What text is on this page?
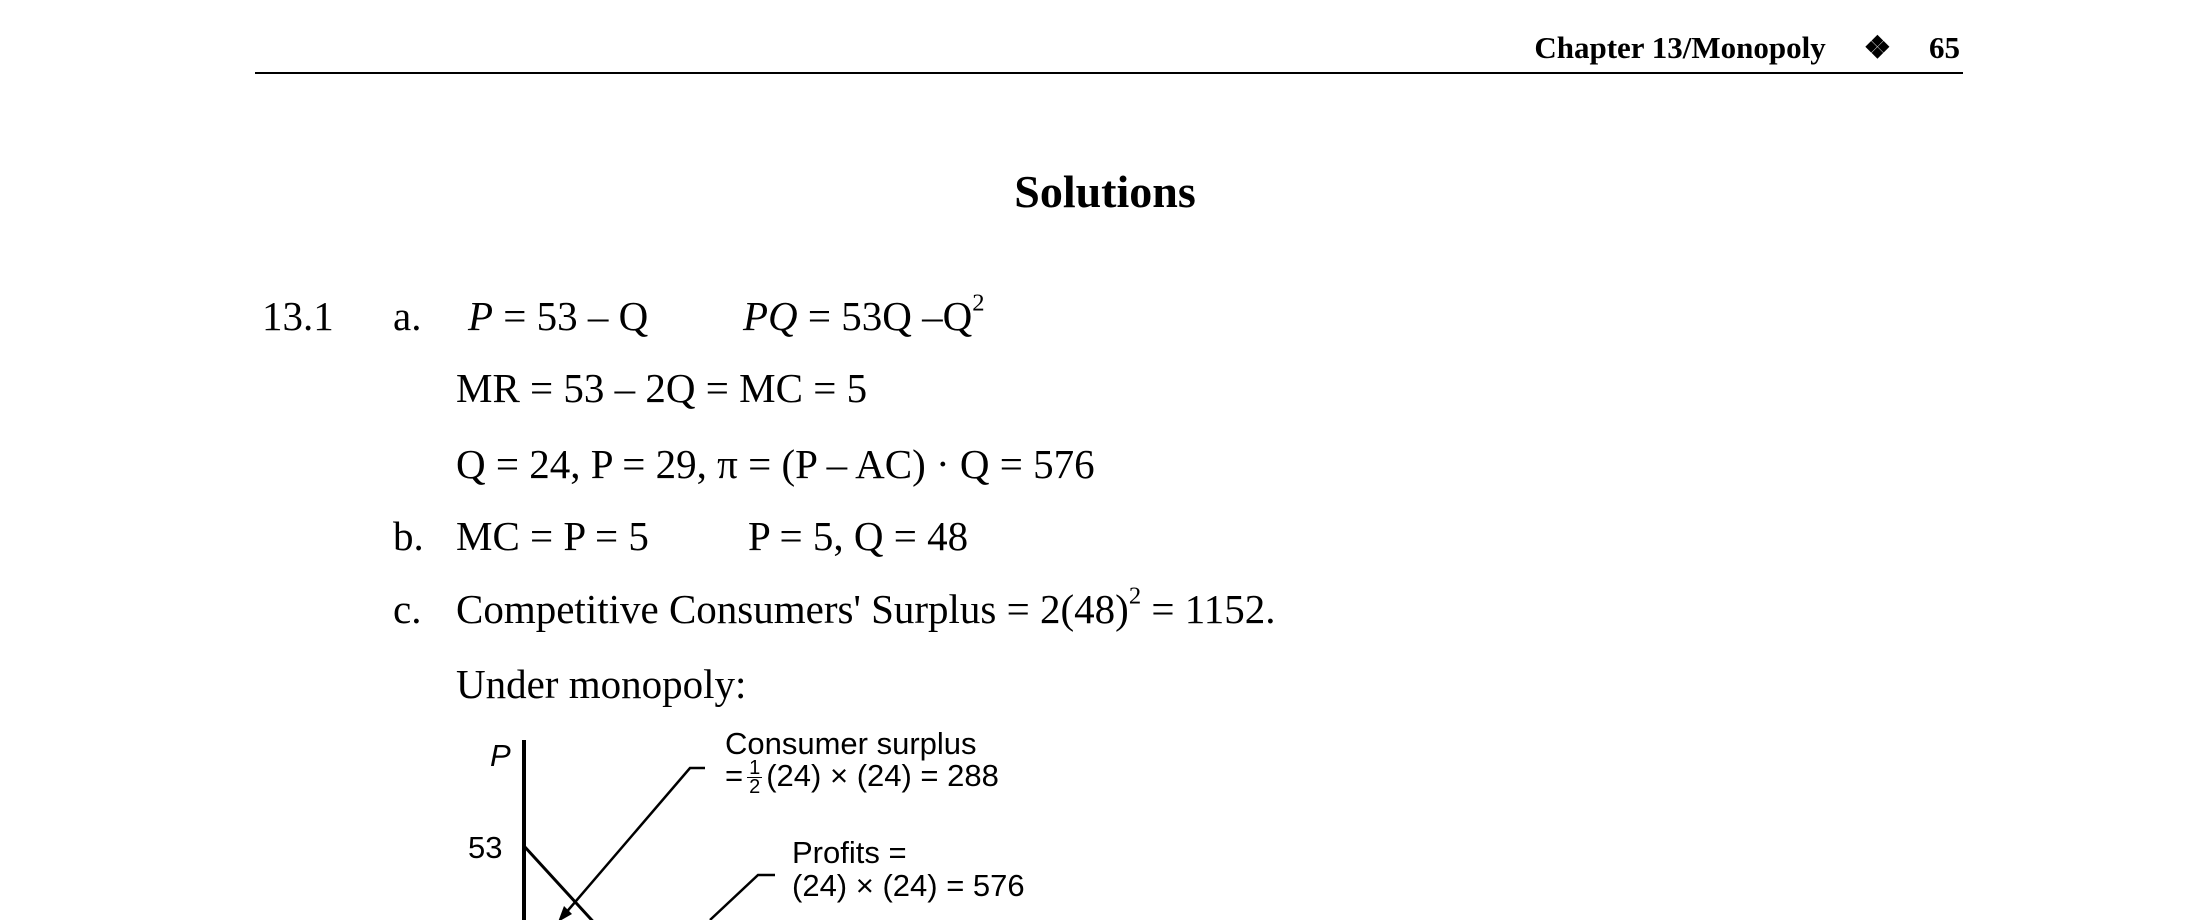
Chapter 13/Monopoly ❖ 65
Solutions
13.1 a. P = 53 – Q PQ = 53Q $-Q^2$
MR = 53 – 2Q = MC = 5
Q = 24, P = 29, π = (P – AC) · Q = 576
b. MC = P = 5 P = 5, Q = 48
c. Competitive Consumers' Surplus = $2(48)^2 = 1152$.
Under monopoly:
P
53
Consumer surplus
= $\frac{1}{2} (24) \times (24) = 288$
Profits =
(24) × (24) = 576
